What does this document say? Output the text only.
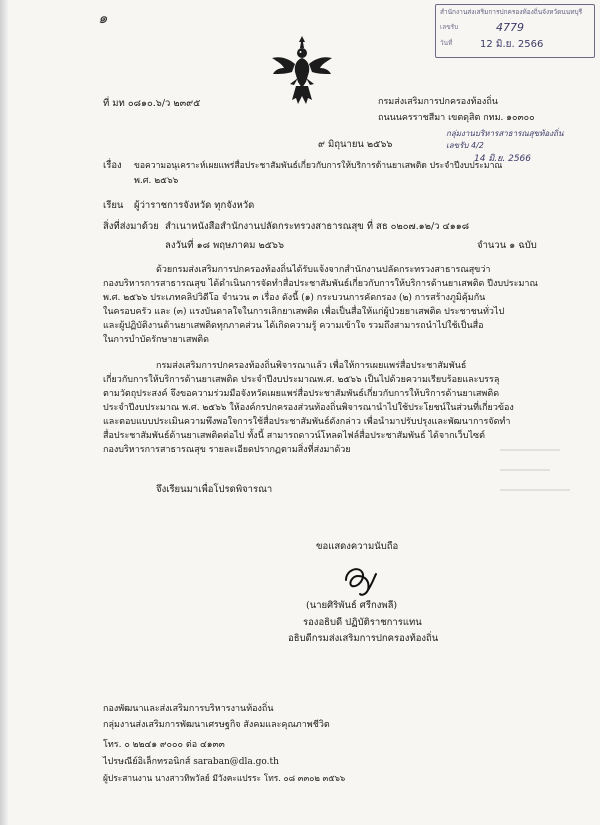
๑	สำนักงานส่งเสริมการปกครองท้องถิ่นจังหวัดนนทบุรี
เลขรับ	4779
วันที่	12 มิ.ย. 2566
ที่ มท ๐๘๑๐.๖/ว ๒๓๙๕	กรมส่งเสริมการปกครองท้องถิ่น
ถนนนครราชสีมา เขตดุสิต กทม. ๑๐๓๐๐
กลุ่มงานบริหารสาธารณสุขท้องถิ่น
เลขรับ 4/2
14 มิ.ย. 2566
๙ มิถุนายน ๒๕๖๖
เรื่อง ขอความอนุเคราะห์เผยแพร่สื่อประชาสัมพันธ์เกี่ยวกับการให้บริการด้านยาเสพติด ประจำปีงบประมาณ
พ.ศ. ๒๕๖๖
เรียน ผู้ว่าราชการจังหวัด ทุกจังหวัด
สิ่งที่ส่งมาด้วย สำเนาหนังสือสำนักงานปลัดกระทรวงสาธารณสุข ที่ สธ ๐๒๐๗.๑๒/ว ๔๑๑๘
ลงวันที่ ๑๘ พฤษภาคม ๒๕๖๖	จำนวน ๑ ฉบับ
ด้วยกรมส่งเสริมการปกครองท้องถิ่นได้รับแจ้งจากสำนักงานปลัดกระทรวงสาธารณสุขว่า
กองบริหารการสาธารณสุข ได้ดำเนินการจัดทำสื่อประชาสัมพันธ์เกี่ยวกับการให้บริการด้านยาเสพติด ปีงบประมาณ
พ.ศ. ๒๕๖๖ ประเภทคลิปวิดีโอ จำนวน ๓ เรื่อง ดังนี้ (๑) กระบวนการคัดกรอง (๒) การสร้างภูมิคุ้มกัน
ในครอบครัว และ (๓) แรงบันดาลใจในการเลิกยาเสพติด เพื่อเป็นสื่อให้แก่ผู้ป่วยยาเสพติด ประชาชนทั่วไป
และผู้ปฏิบัติงานด้านยาเสพติดทุกภาคส่วน ได้เกิดความรู้ ความเข้าใจ รวมถึงสามารถนำไปใช้เป็นสื่อ
ในการบำบัดรักษายาเสพติด
กรมส่งเสริมการปกครองท้องถิ่นพิจารณาแล้ว เพื่อให้การเผยแพร่สื่อประชาสัมพันธ์
เกี่ยวกับการให้บริการด้านยาเสพติด ประจำปีงบประมาณพ.ศ. ๒๕๖๖ เป็นไปด้วยความเรียบร้อยและบรรลุ
ตามวัตถุประสงค์ จึงขอความร่วมมือจังหวัดเผยแพร่สื่อประชาสัมพันธ์เกี่ยวกับการให้บริการด้านยาเสพติด
ประจำปีงบประมาณ พ.ศ. ๒๕๖๖ ให้องค์กรปกครองส่วนท้องถิ่นพิจารณานำไปใช้ประโยชน์ในส่วนที่เกี่ยวข้อง
และตอบแบบประเมินความพึงพอใจการใช้สื่อประชาสัมพันธ์ดังกล่าว เพื่อนำมาปรับปรุงและพัฒนาการจัดทำ
สื่อประชาสัมพันธ์ด้านยาเสพติดต่อไป ทั้งนี้ สามารถดาวน์โหลดไฟล์สื่อประชาสัมพันธ์ ได้จากเว็บไซต์
กองบริหารการสาธารณสุข รายละเอียดปรากฏตามสิ่งที่ส่งมาด้วย
จึงเรียนมาเพื่อโปรดพิจารณา
ขอแสดงความนับถือ
(นายศิริพันธ์ ศรีกงพลี)
รองอธิบดี ปฏิบัติราชการแทน
อธิบดีกรมส่งเสริมการปกครองท้องถิ่น
กองพัฒนาและส่งเสริมการบริหารงานท้องถิ่น
กลุ่มงานส่งเสริมการพัฒนาเศรษฐกิจ สังคมและคุณภาพชีวิต
โทร. ๐ ๒๒๔๑ ๙๐๐๐ ต่อ ๔๑๓๓
ไปรษณีย์อิเล็กทรอนิกส์ saraban@dla.go.th
ผู้ประสานงาน นางสาวทิพวัลย์ มีวังคะแปรระ โทร. ๐๘ ๓๓๐๒ ๓๕๖๖
